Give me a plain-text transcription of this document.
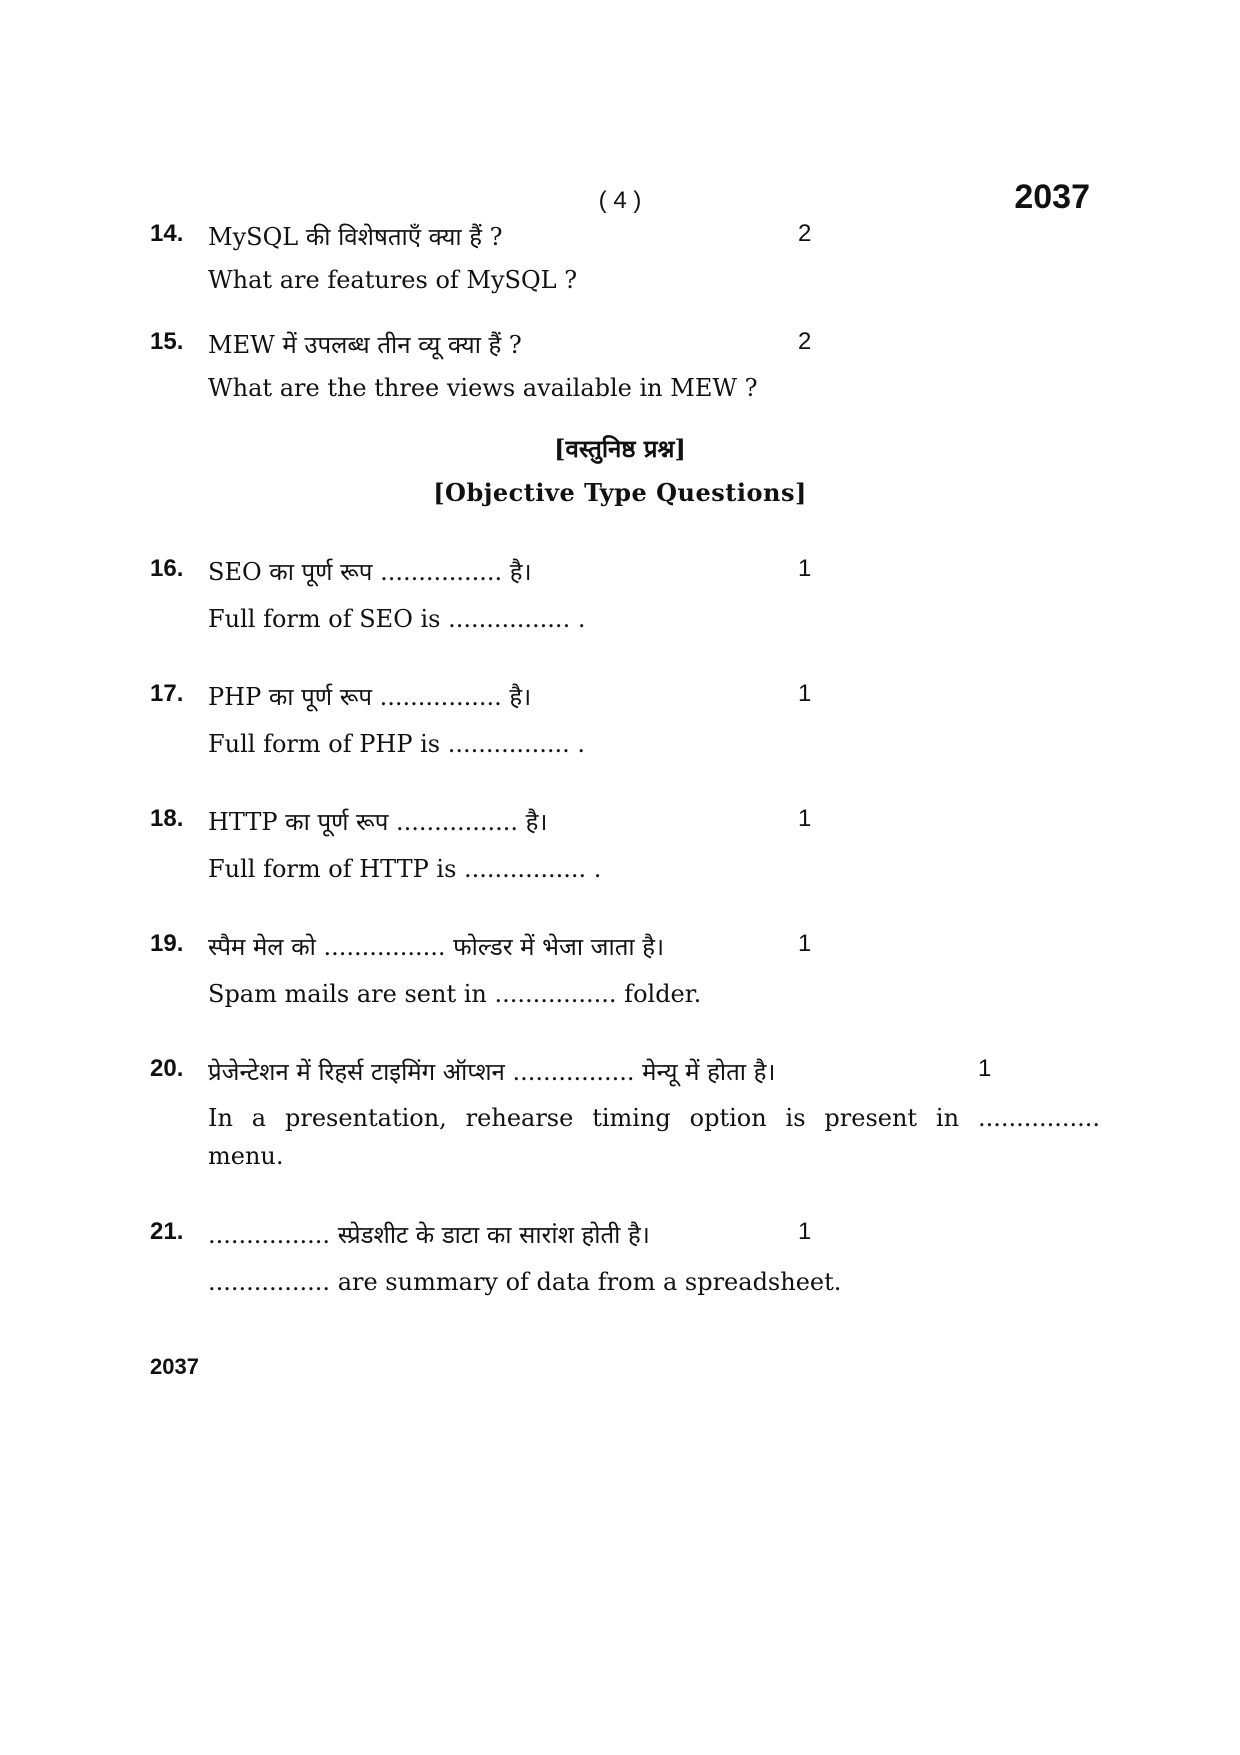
( 4 )	2037
14. MySQL की विशेषताएँ क्या हैं ?	2
What are features of MySQL ?
15. MEW में उपलब्ध तीन व्यू क्या हैं ?	2
What are the three views available in MEW ?
[वस्तुनिष्ठ प्रश्न]
[Objective Type Questions]
16. SEO का पूर्ण रूप ................ है।	1
Full form of SEO is ................ .
17. PHP का पूर्ण रूप ................ है।	1
Full form of PHP is ................ .
18. HTTP का पूर्ण रूप ................ है।	1
Full form of HTTP is ................ .
19. स्पैम मेल को ................ फोल्डर में भेजा जाता है।	1
Spam mails are sent in ................ folder.
20. प्रेजेन्टेशन में रिहर्स टाइमिंग ऑप्शन ................ मेन्यू में होता है।	1
In a presentation, rehearse timing option is present in ................ menu.
21. ................ स्प्रेडशीट के डाटा का सारांश होती है।	1
................ are summary of data from a spreadsheet.
2037
